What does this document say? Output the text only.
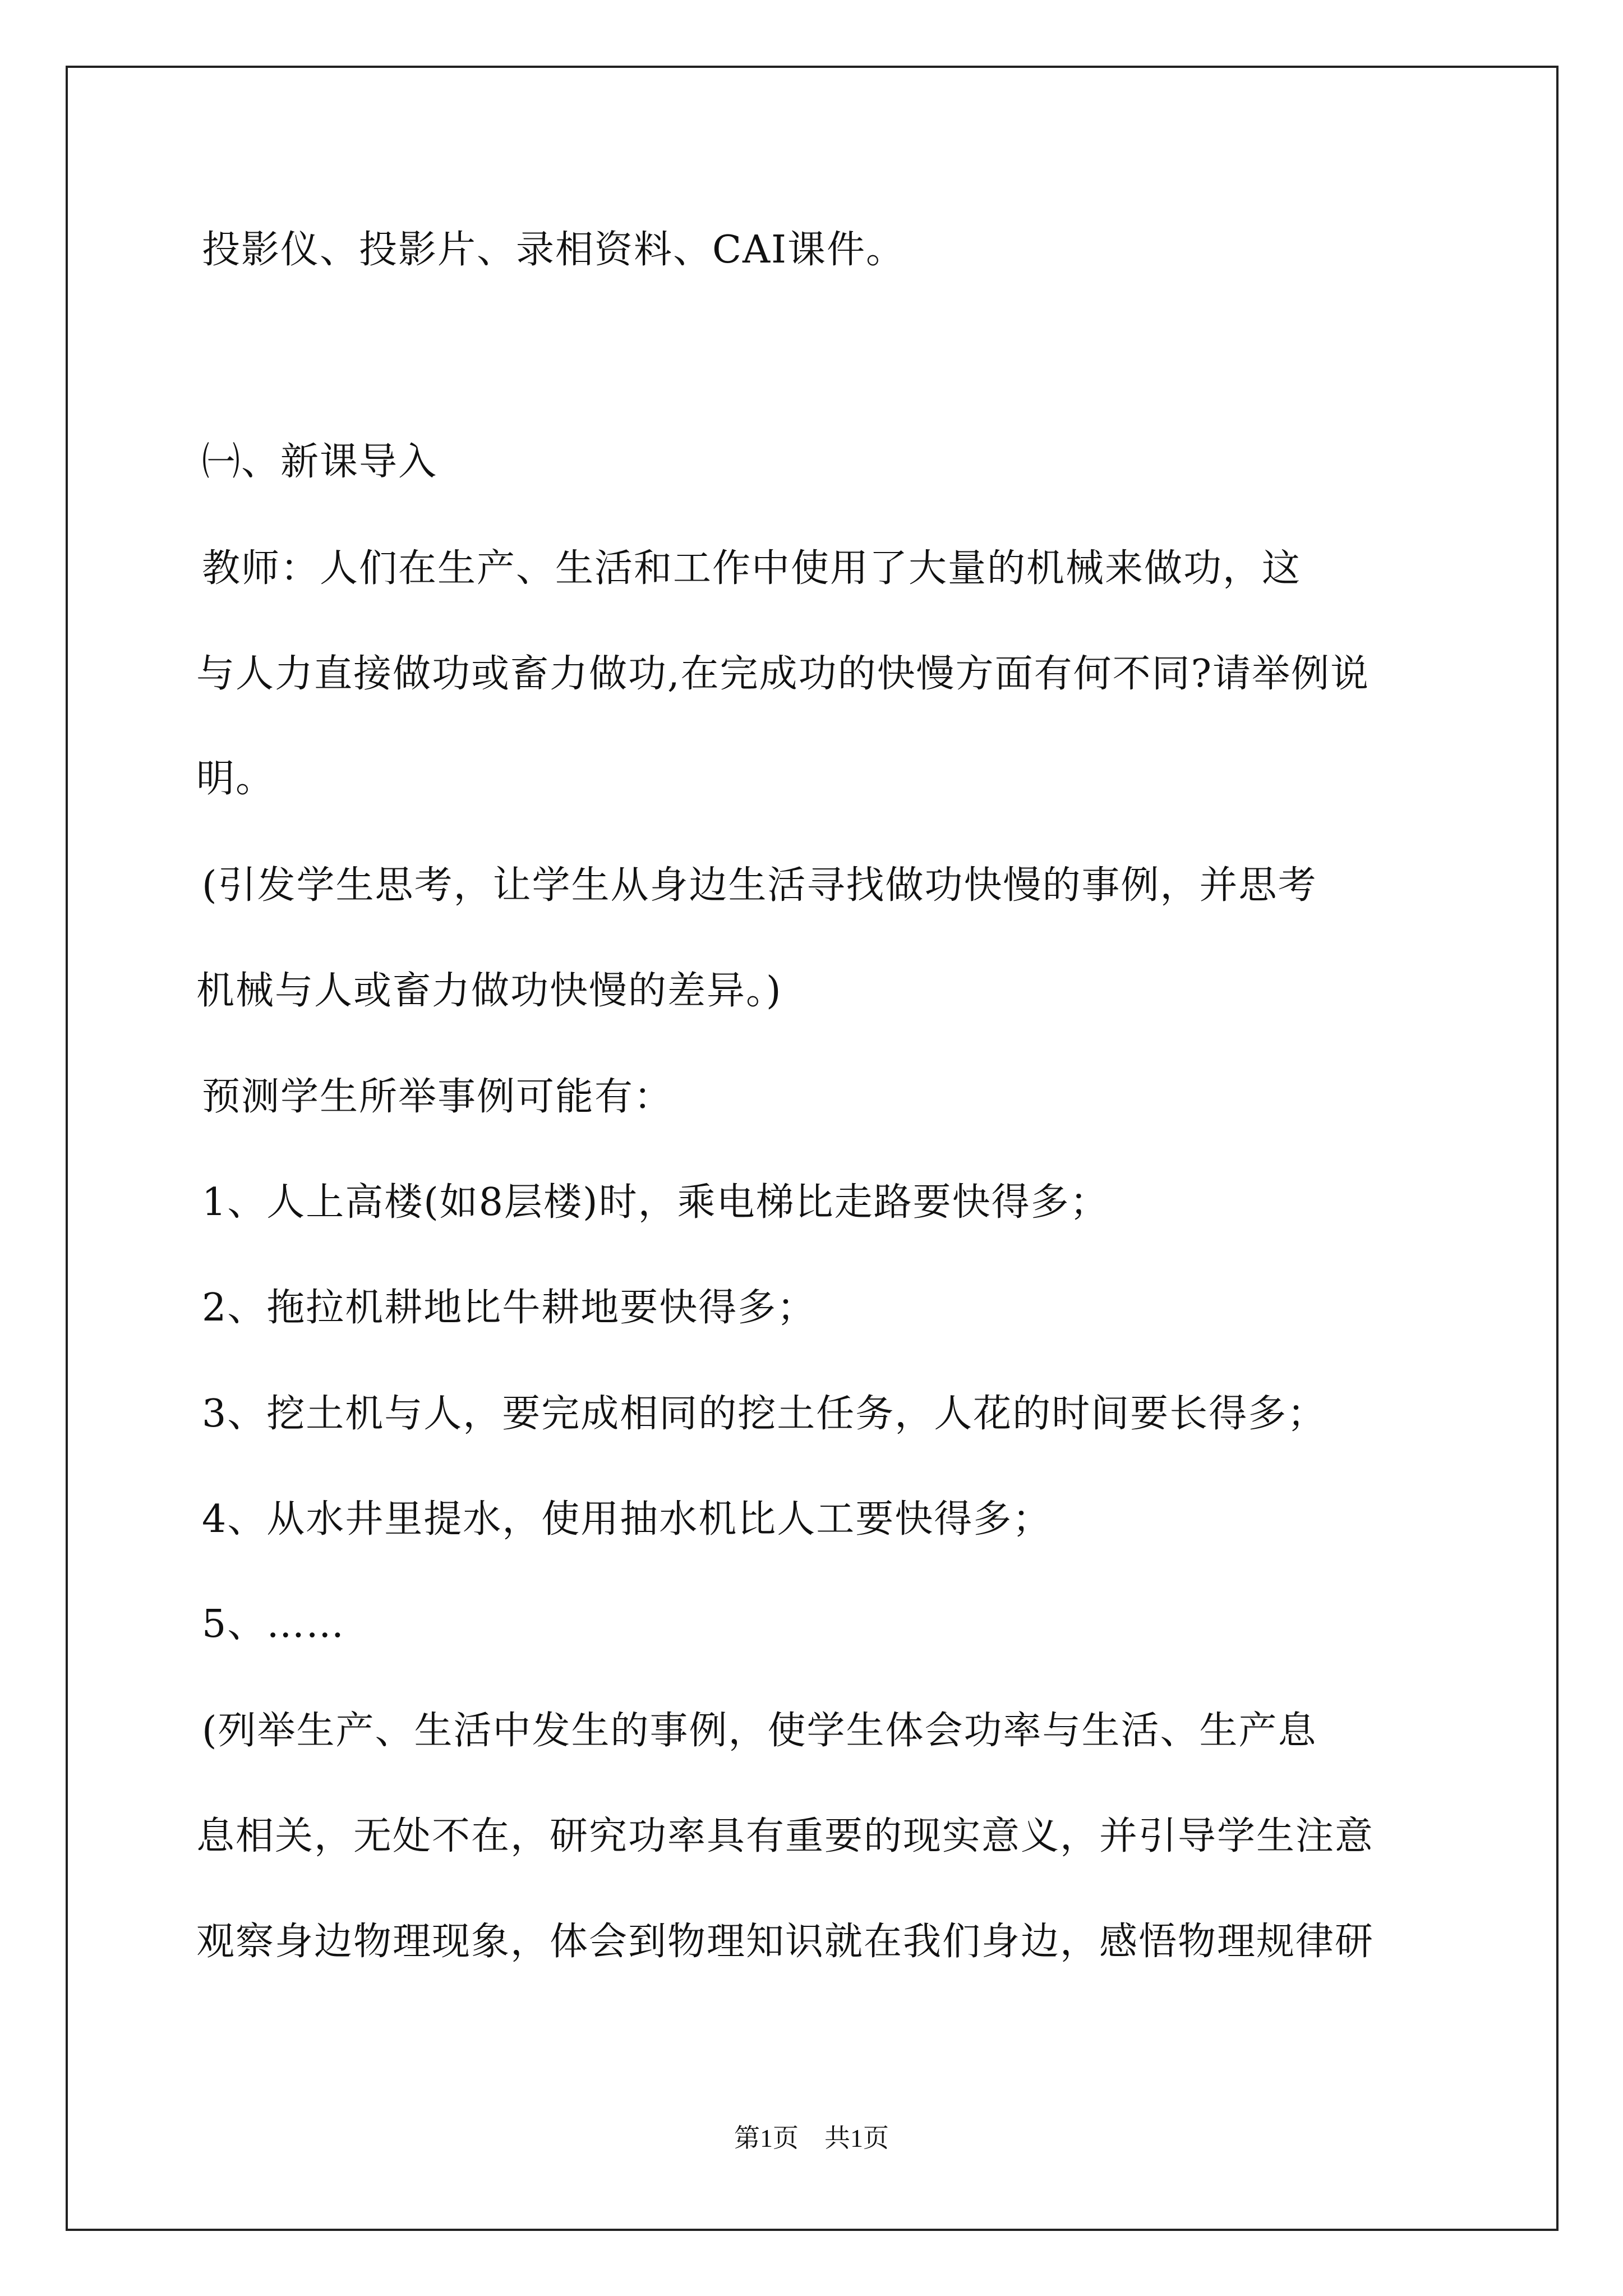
投影仪、投影片、录相资料、CAI课件。
㈠、新课导入
教师：人们在生产、生活和工作中使用了大量的机械来做功，这
与人力直接做功或畜力做功,在完成功的快慢方面有何不同?请举例说
明。
(引发学生思考，让学生从身边生活寻找做功快慢的事例，并思考
机械与人或畜力做功快慢的差异。)
预测学生所举事例可能有：
1、人上高楼(如8层楼)时，乘电梯比走路要快得多；
2、拖拉机耕地比牛耕地要快得多；
3、挖土机与人，要完成相同的挖土任务，人花的时间要长得多；
4、从水井里提水，使用抽水机比人工要快得多；
5、……
(列举生产、生活中发生的事例，使学生体会功率与生活、生产息
息相关，无处不在，研究功率具有重要的现实意义，并引导学生注意
观察身边物理现象，体会到物理知识就在我们身边，感悟物理规律研
第1页　共1页
